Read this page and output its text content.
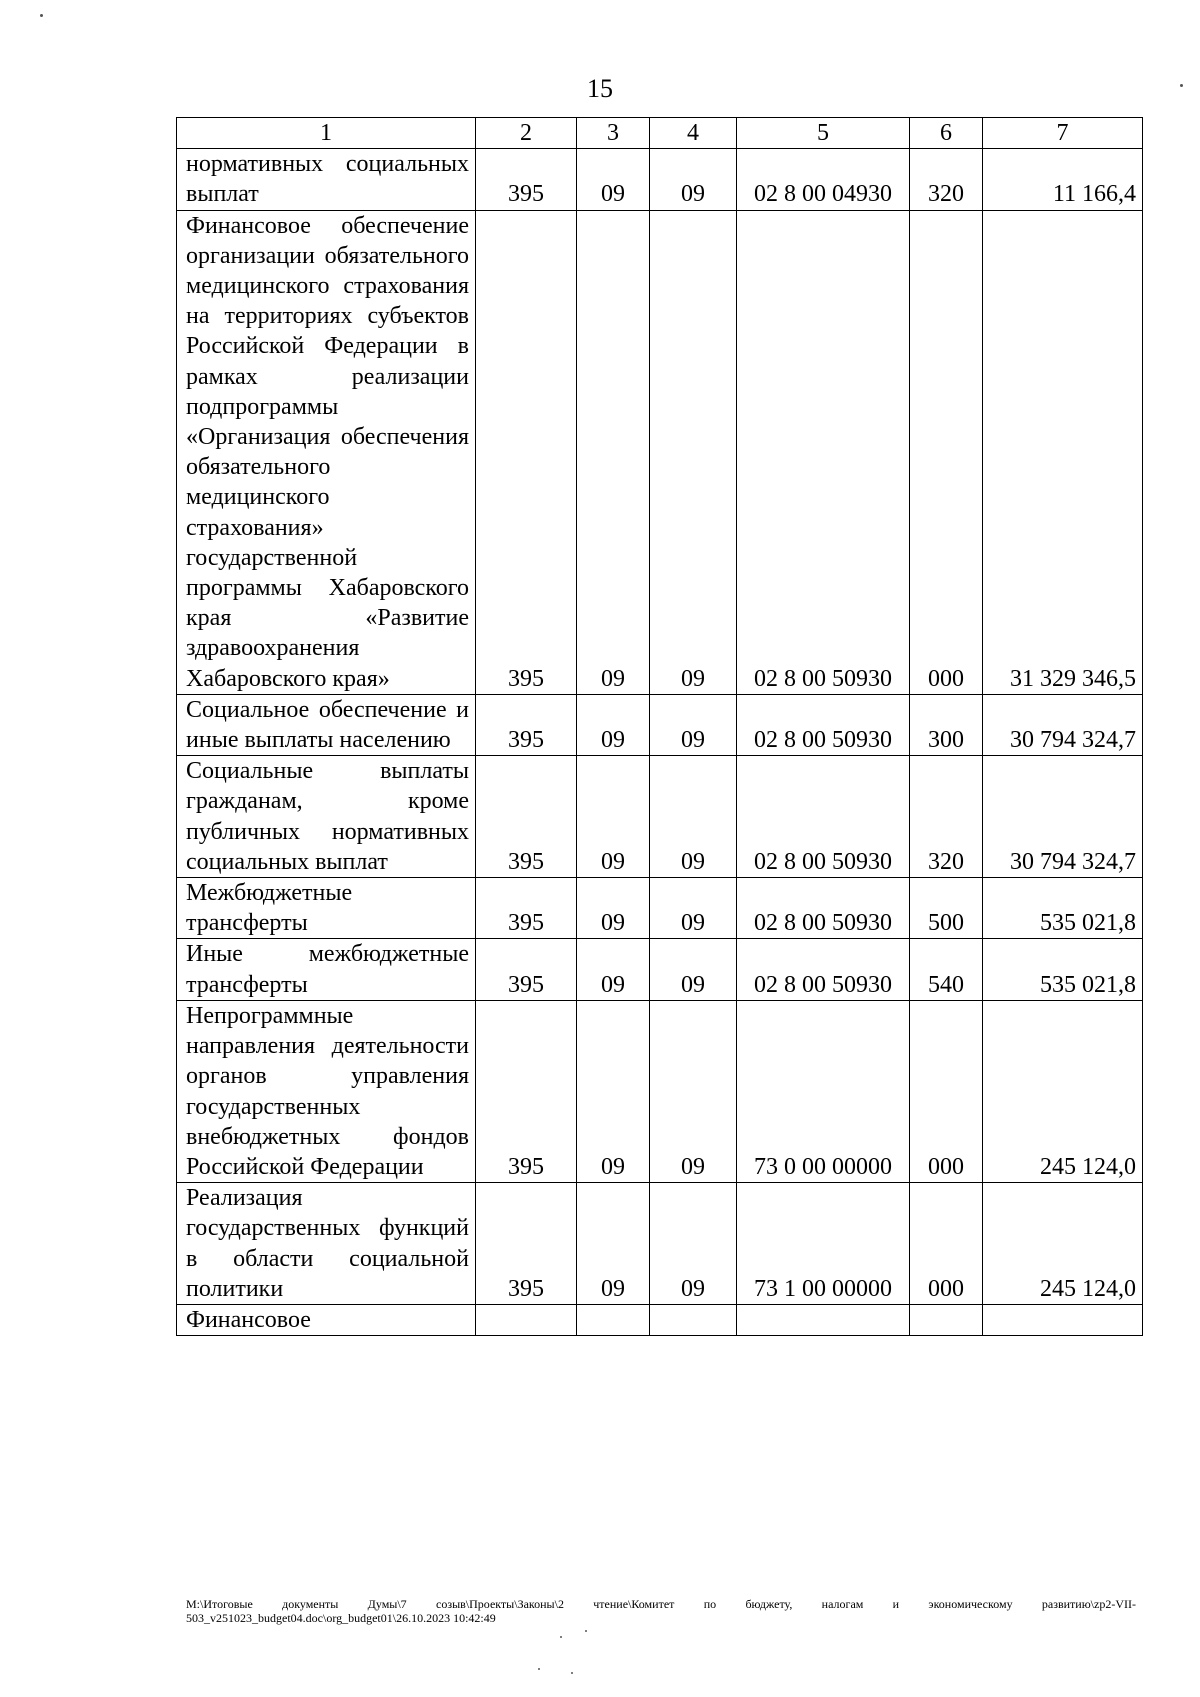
15
1	2	3	4	5	6	7
нормативных социальных выплат	395	09	09	02 8 00 04930	320	11 166,4
Финансовое обеспечение организации обязательного медицинского страхования на территориях субъектов Российской Федерации в рамках реализации подпрограммы «Организация обеспечения обязательного медицинского страхования» государственной программы Хабаровского края «Развитие здравоохранения Хабаровского края»	395	09	09	02 8 00 50930	000	31 329 346,5
Социальное обеспечение и иные выплаты населению	395	09	09	02 8 00 50930	300	30 794 324,7
Социальные выплаты гражданам, кроме публичных нормативных социальных выплат	395	09	09	02 8 00 50930	320	30 794 324,7
Межбюджетные трансферты	395	09	09	02 8 00 50930	500	535 021,8
Иные межбюджетные трансферты	395	09	09	02 8 00 50930	540	535 021,8
Непрограммные направления деятельности органов управления государственных внебюджетных фондов Российской Федерации	395	09	09	73 0 00 00000	000	245 124,0
Реализация государственных функций в области социальной политики	395	09	09	73 1 00 00000	000	245 124,0
Финансовое						
M:\Итоговые документы Думы\7 созыв\Проекты\Законы\2 чтение\Комитет по бюджету, налогам и экономическому развитию\zp2-VII-503_v251023_budget04.doc\org_budget01\26.10.2023 10:42:49
